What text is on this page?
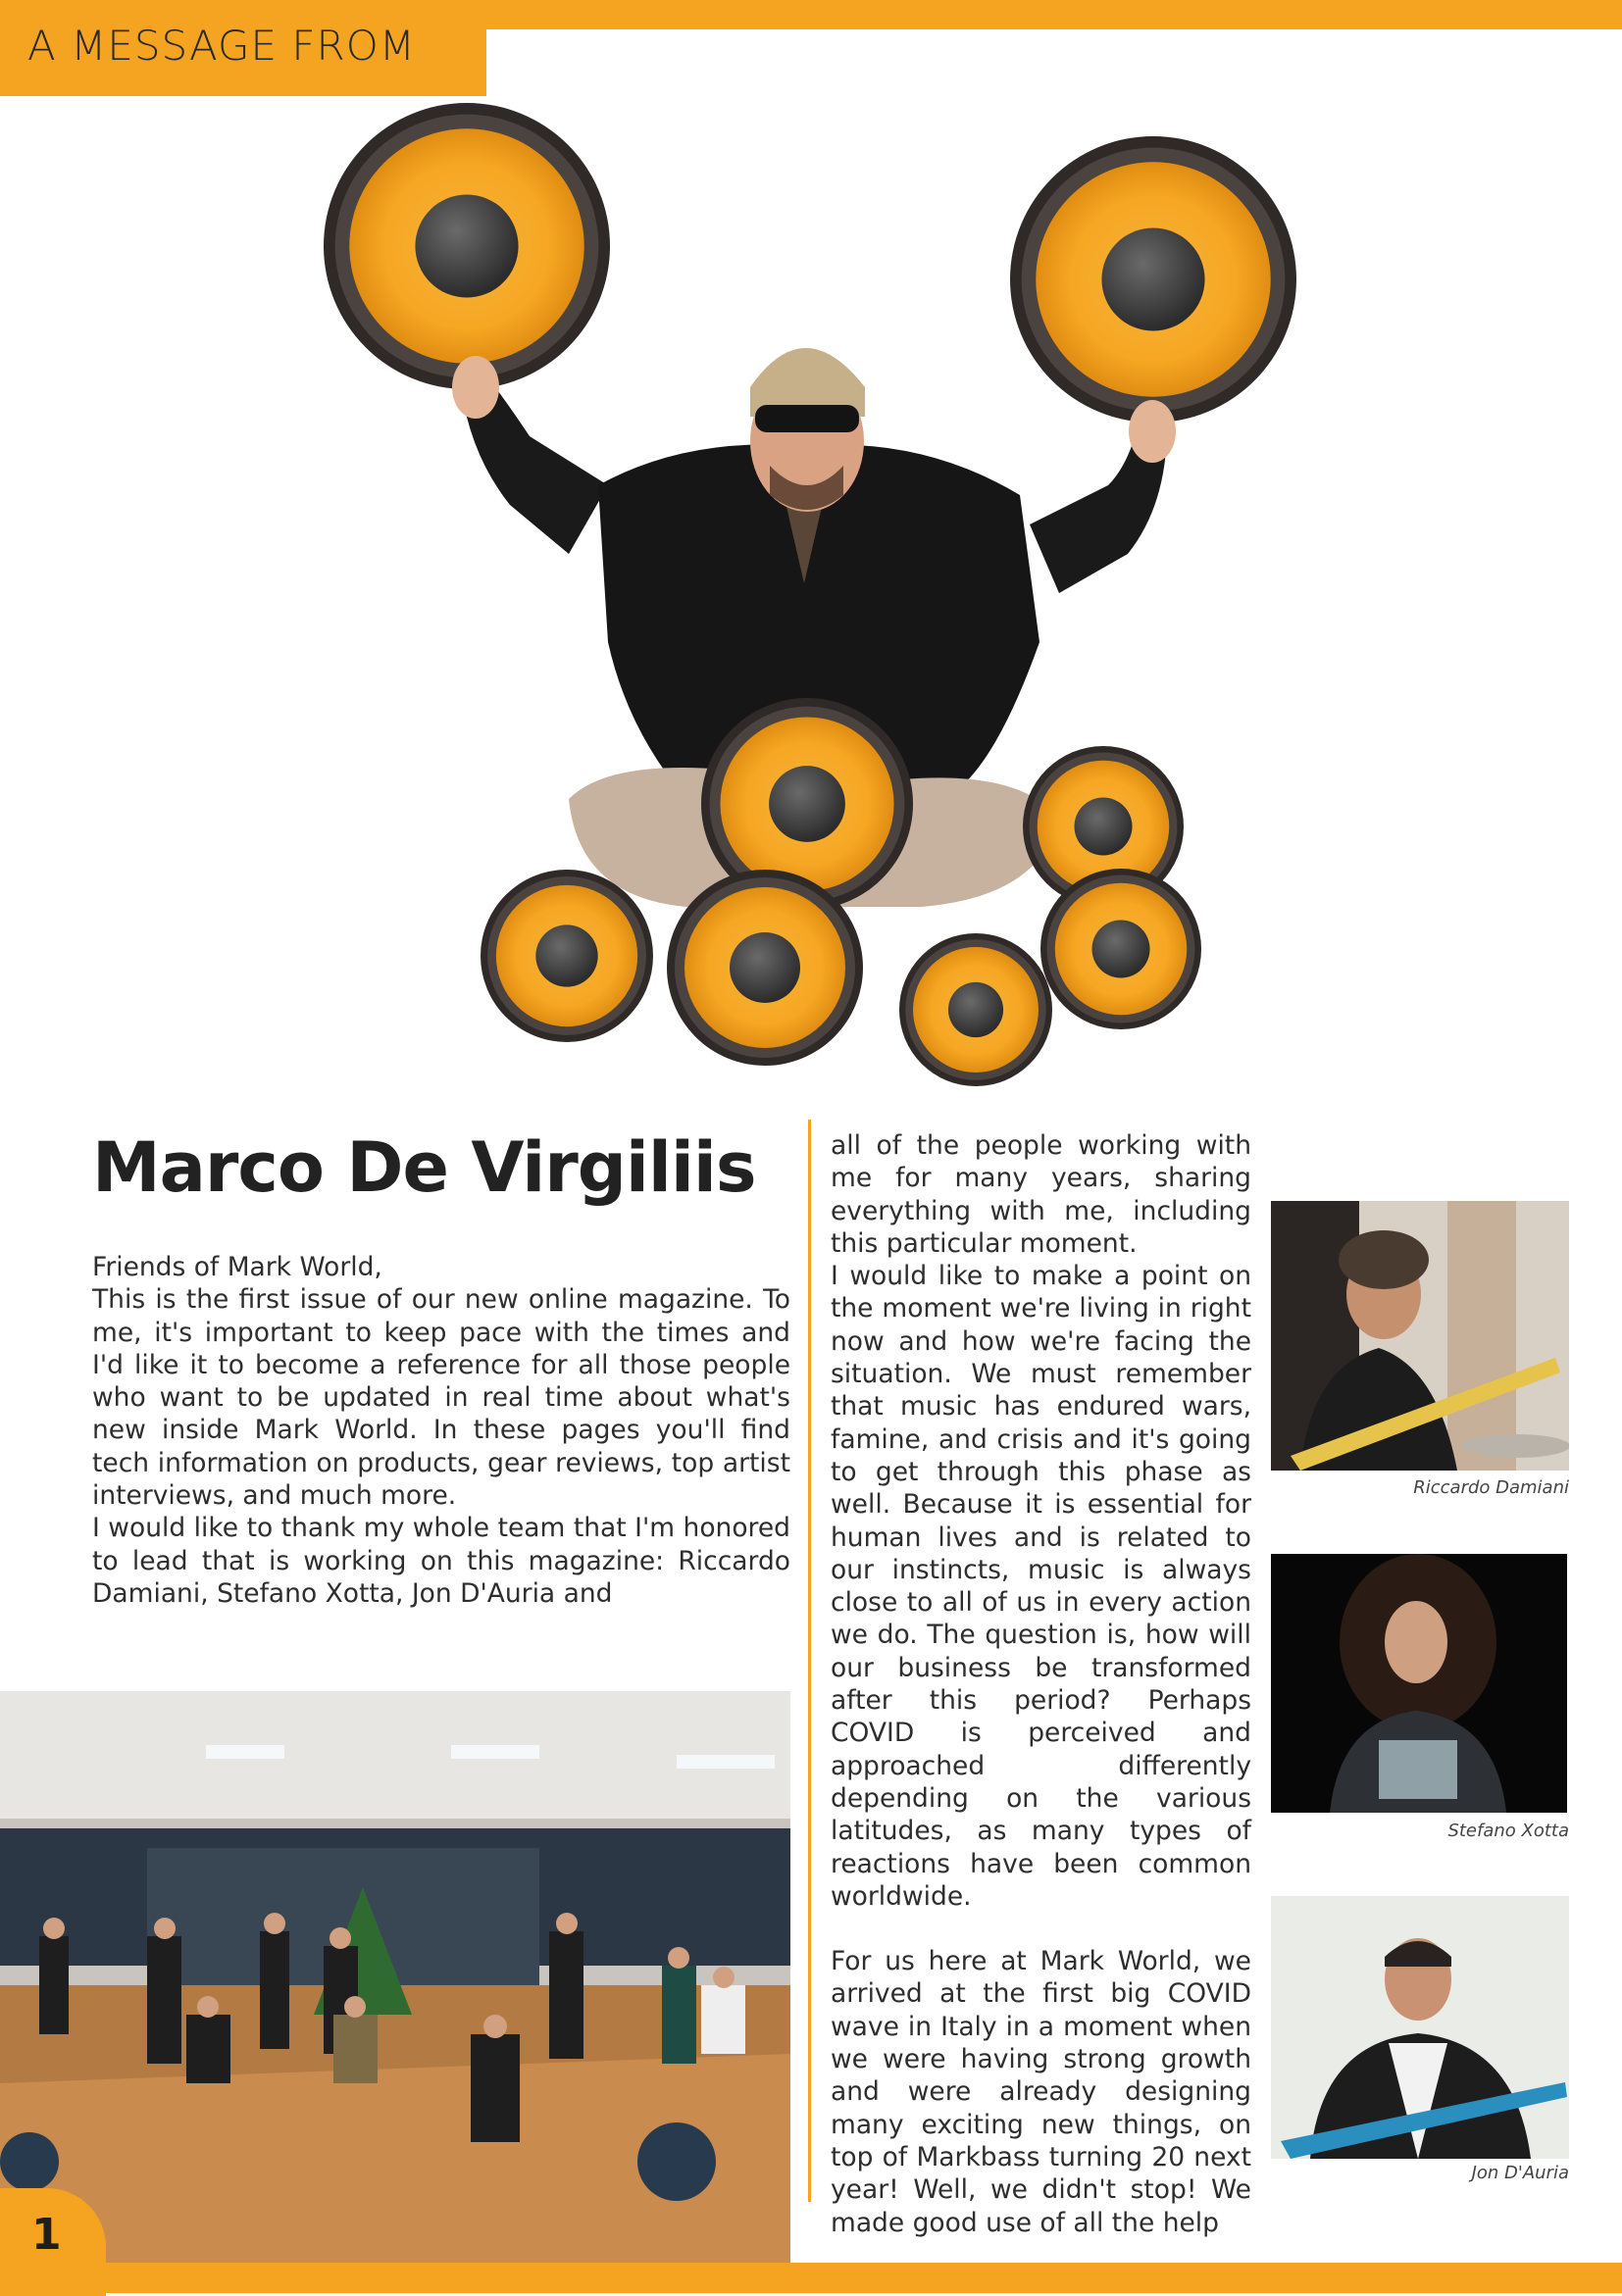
A MESSAGE FROM
Marco De Virgiliis

Friends of Mark World,

This is the first issue of our new online magazine. To me, it's important to keep pace with the times and I'd like it to become a reference for all those people who want to be updated in real time about what's new inside Mark World. In these pages you'll find tech information on products, gear reviews, top artist interviews, and much more.

I would like to thank my whole team that I'm honored to lead that is working on this magazine: Riccardo Damiani, Stefano Xotta, Jon D'Auria and

all of the people working with me for many years, sharing everything with me, including this particular moment.

I would like to make a point on the moment we're living in right now and how we're facing the situation. We must remember that music has endured wars, famine, and crisis and it's going to get through this phase as well. Because it is essential for human lives and is related to our instincts, music is always close to all of us in every action we do. The question is, how will our business be transformed after this period? Perhaps COVID is perceived and approached differently depending on the various latitudes, as many types of reactions have been common worldwide.

For us here at Mark World, we arrived at the first big COVID wave in Italy in a moment when we were having strong growth and were already designing many exciting new things, on top of Markbass turning 20 next year! Well, we didn't stop! We made good use of all the help

Riccardo Damiani
Stefano Xotta
Jon D'Auria
1
